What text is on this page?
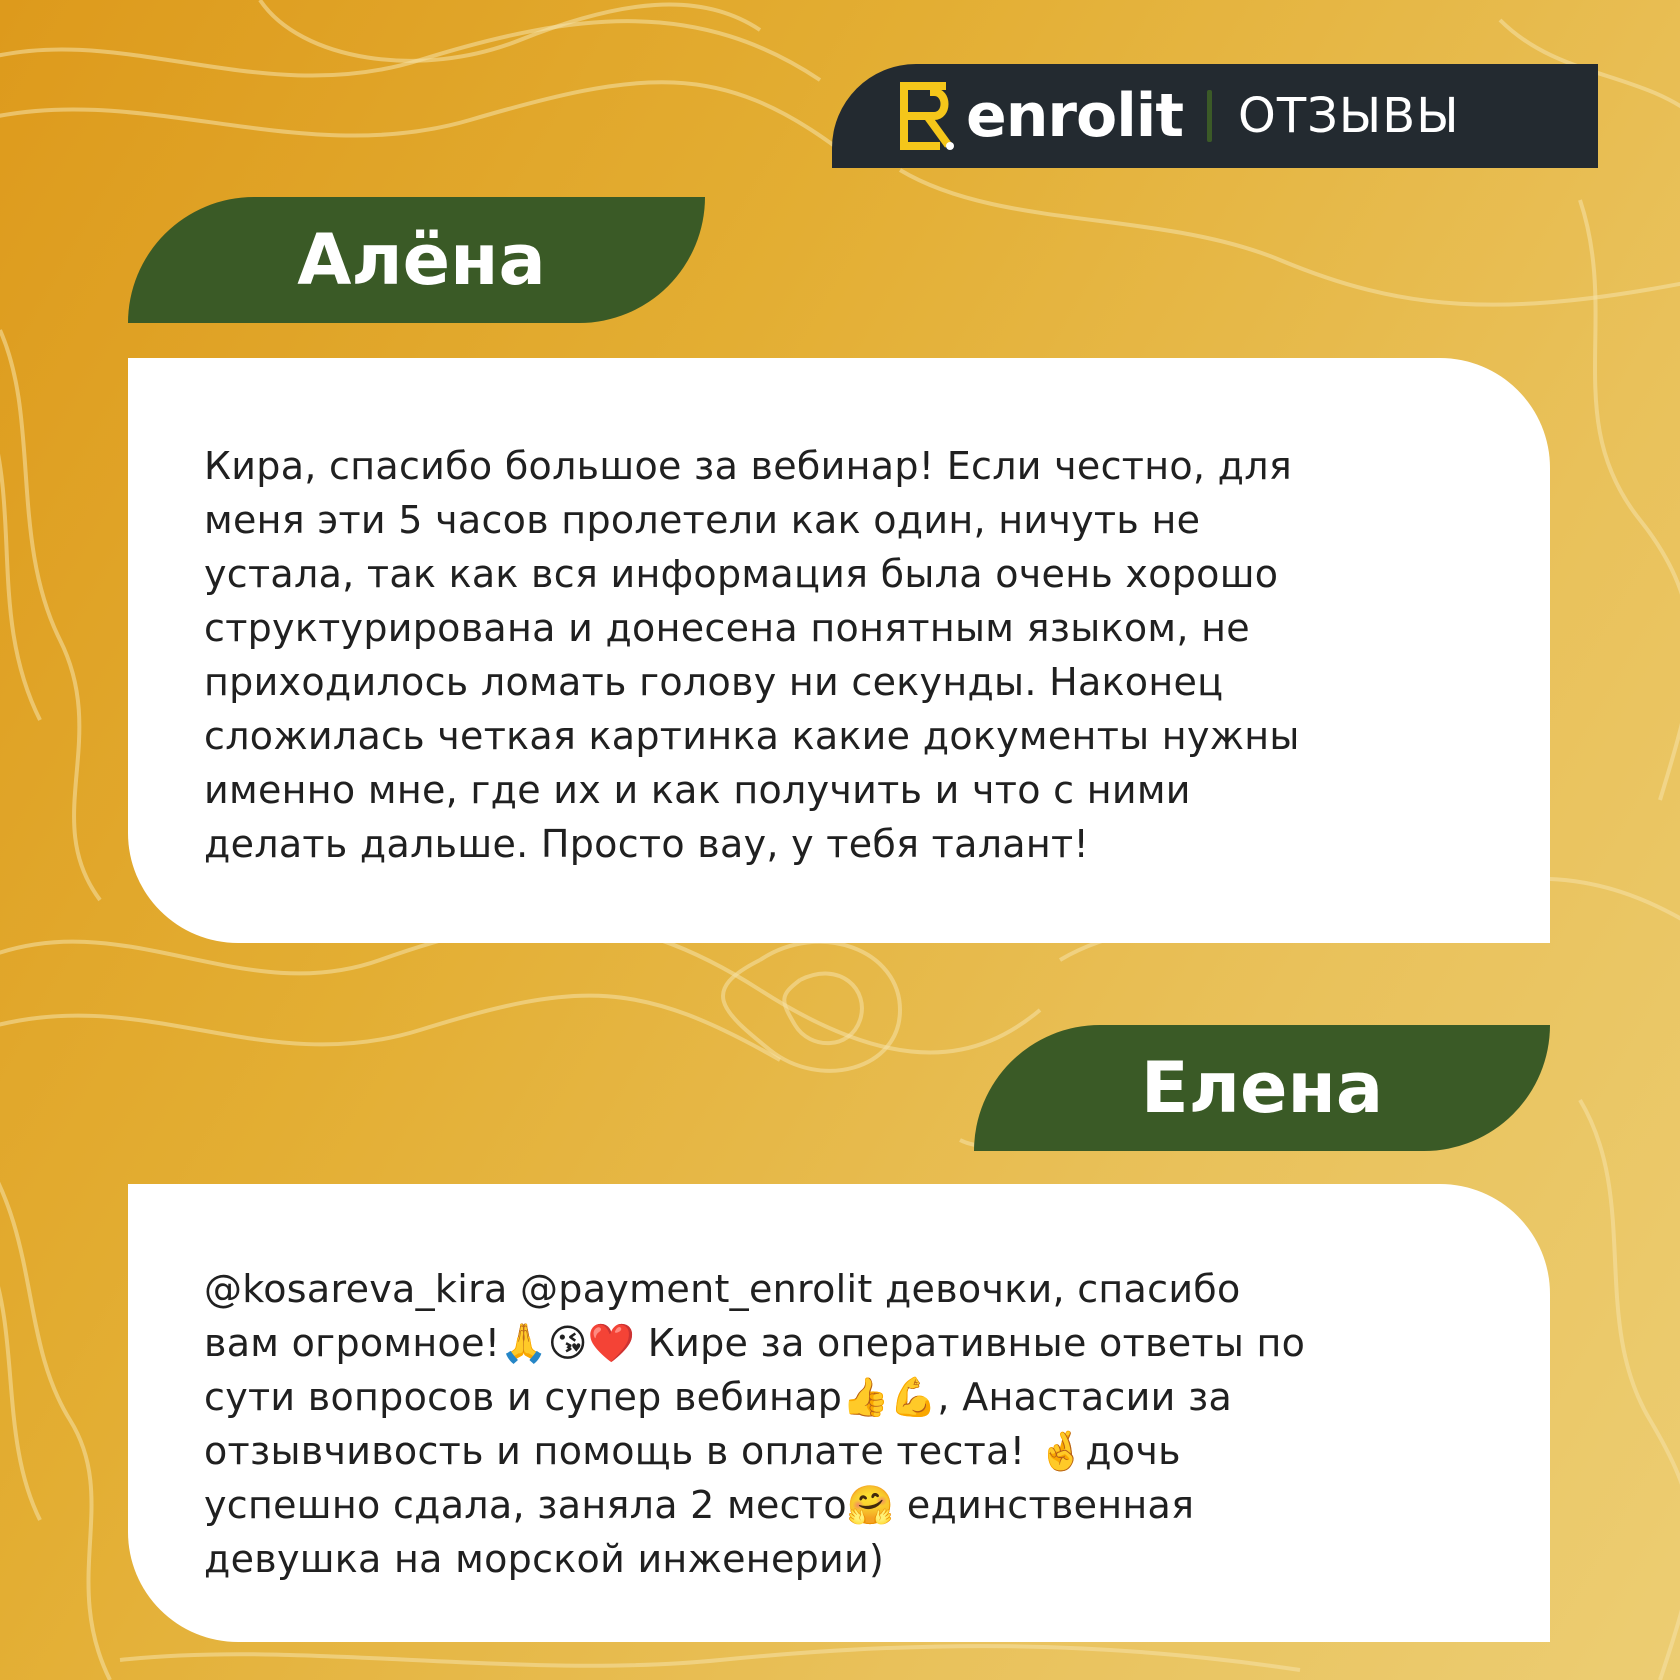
enrolit ОТЗЫВЫ
Алёна

Кира, спасибо большое за вебинар! Если честно, для
меня эти 5 часов пролетели как один, ничуть не
устала, так как вся информация была очень хорошо
структурирована и донесена понятным языком, не
приходилось ломать голову ни секунды. Наконец
сложилась четкая картинка какие документы нужны
именно мне, где их и как получить и что с ними
делать дальше. Просто вау, у тебя талант!

Елена

@kosareva_kira @payment_enrolit девочки, спасибо
вам огромное!🙏😘❤️ Кире за оперативные ответы по
сути вопросов и супер вебинар👍💪, Анастасии за
отзывчивость и помощь в оплате теста! 🤞дочь
успешно сдала, заняла 2 место🤗 единственная
девушка на морской инженерии)
